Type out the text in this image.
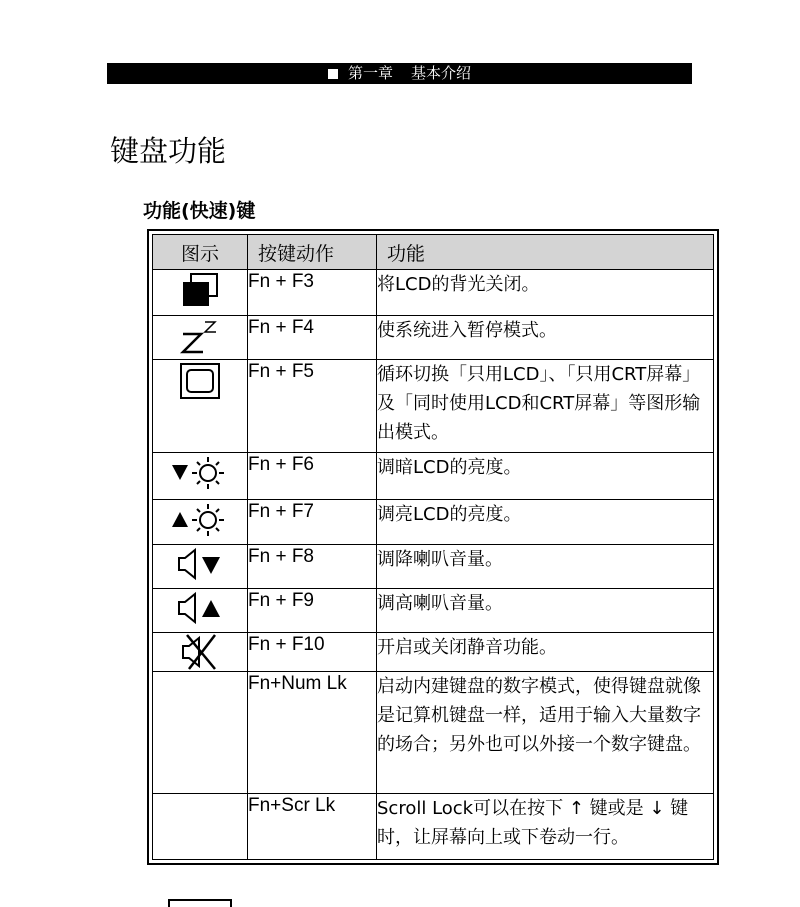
第一章 基本介绍
键盘功能
功能(快速)键
图示	按键动作	功能

	Fn + F3	将LCD的背光关闭。

	Fn + F4	使系统进入暂停模式。

	Fn + F5	循环切换「只用LCD」、「只用CRT屏幕」及「同时使用LCD和CRT屏幕」等图形输出模式。

	Fn + F6	调暗LCD的亮度。

	Fn + F7	调亮LCD的亮度。

	Fn + F8	调降喇叭音量。

	Fn + F9	调高喇叭音量。

	Fn + F10	开启或关闭静音功能。
	Fn+Num Lk	启动内建键盘的数字模式，使得键盘就像是记算机键盘一样，适用于输入大量数字的场合；另外也可以外接一个数字键盘。
	Fn+Scr Lk	Scroll Lock可以在按下 ↑ 键或是 ↓ 键时，让屏幕向上或下卷动一行。
